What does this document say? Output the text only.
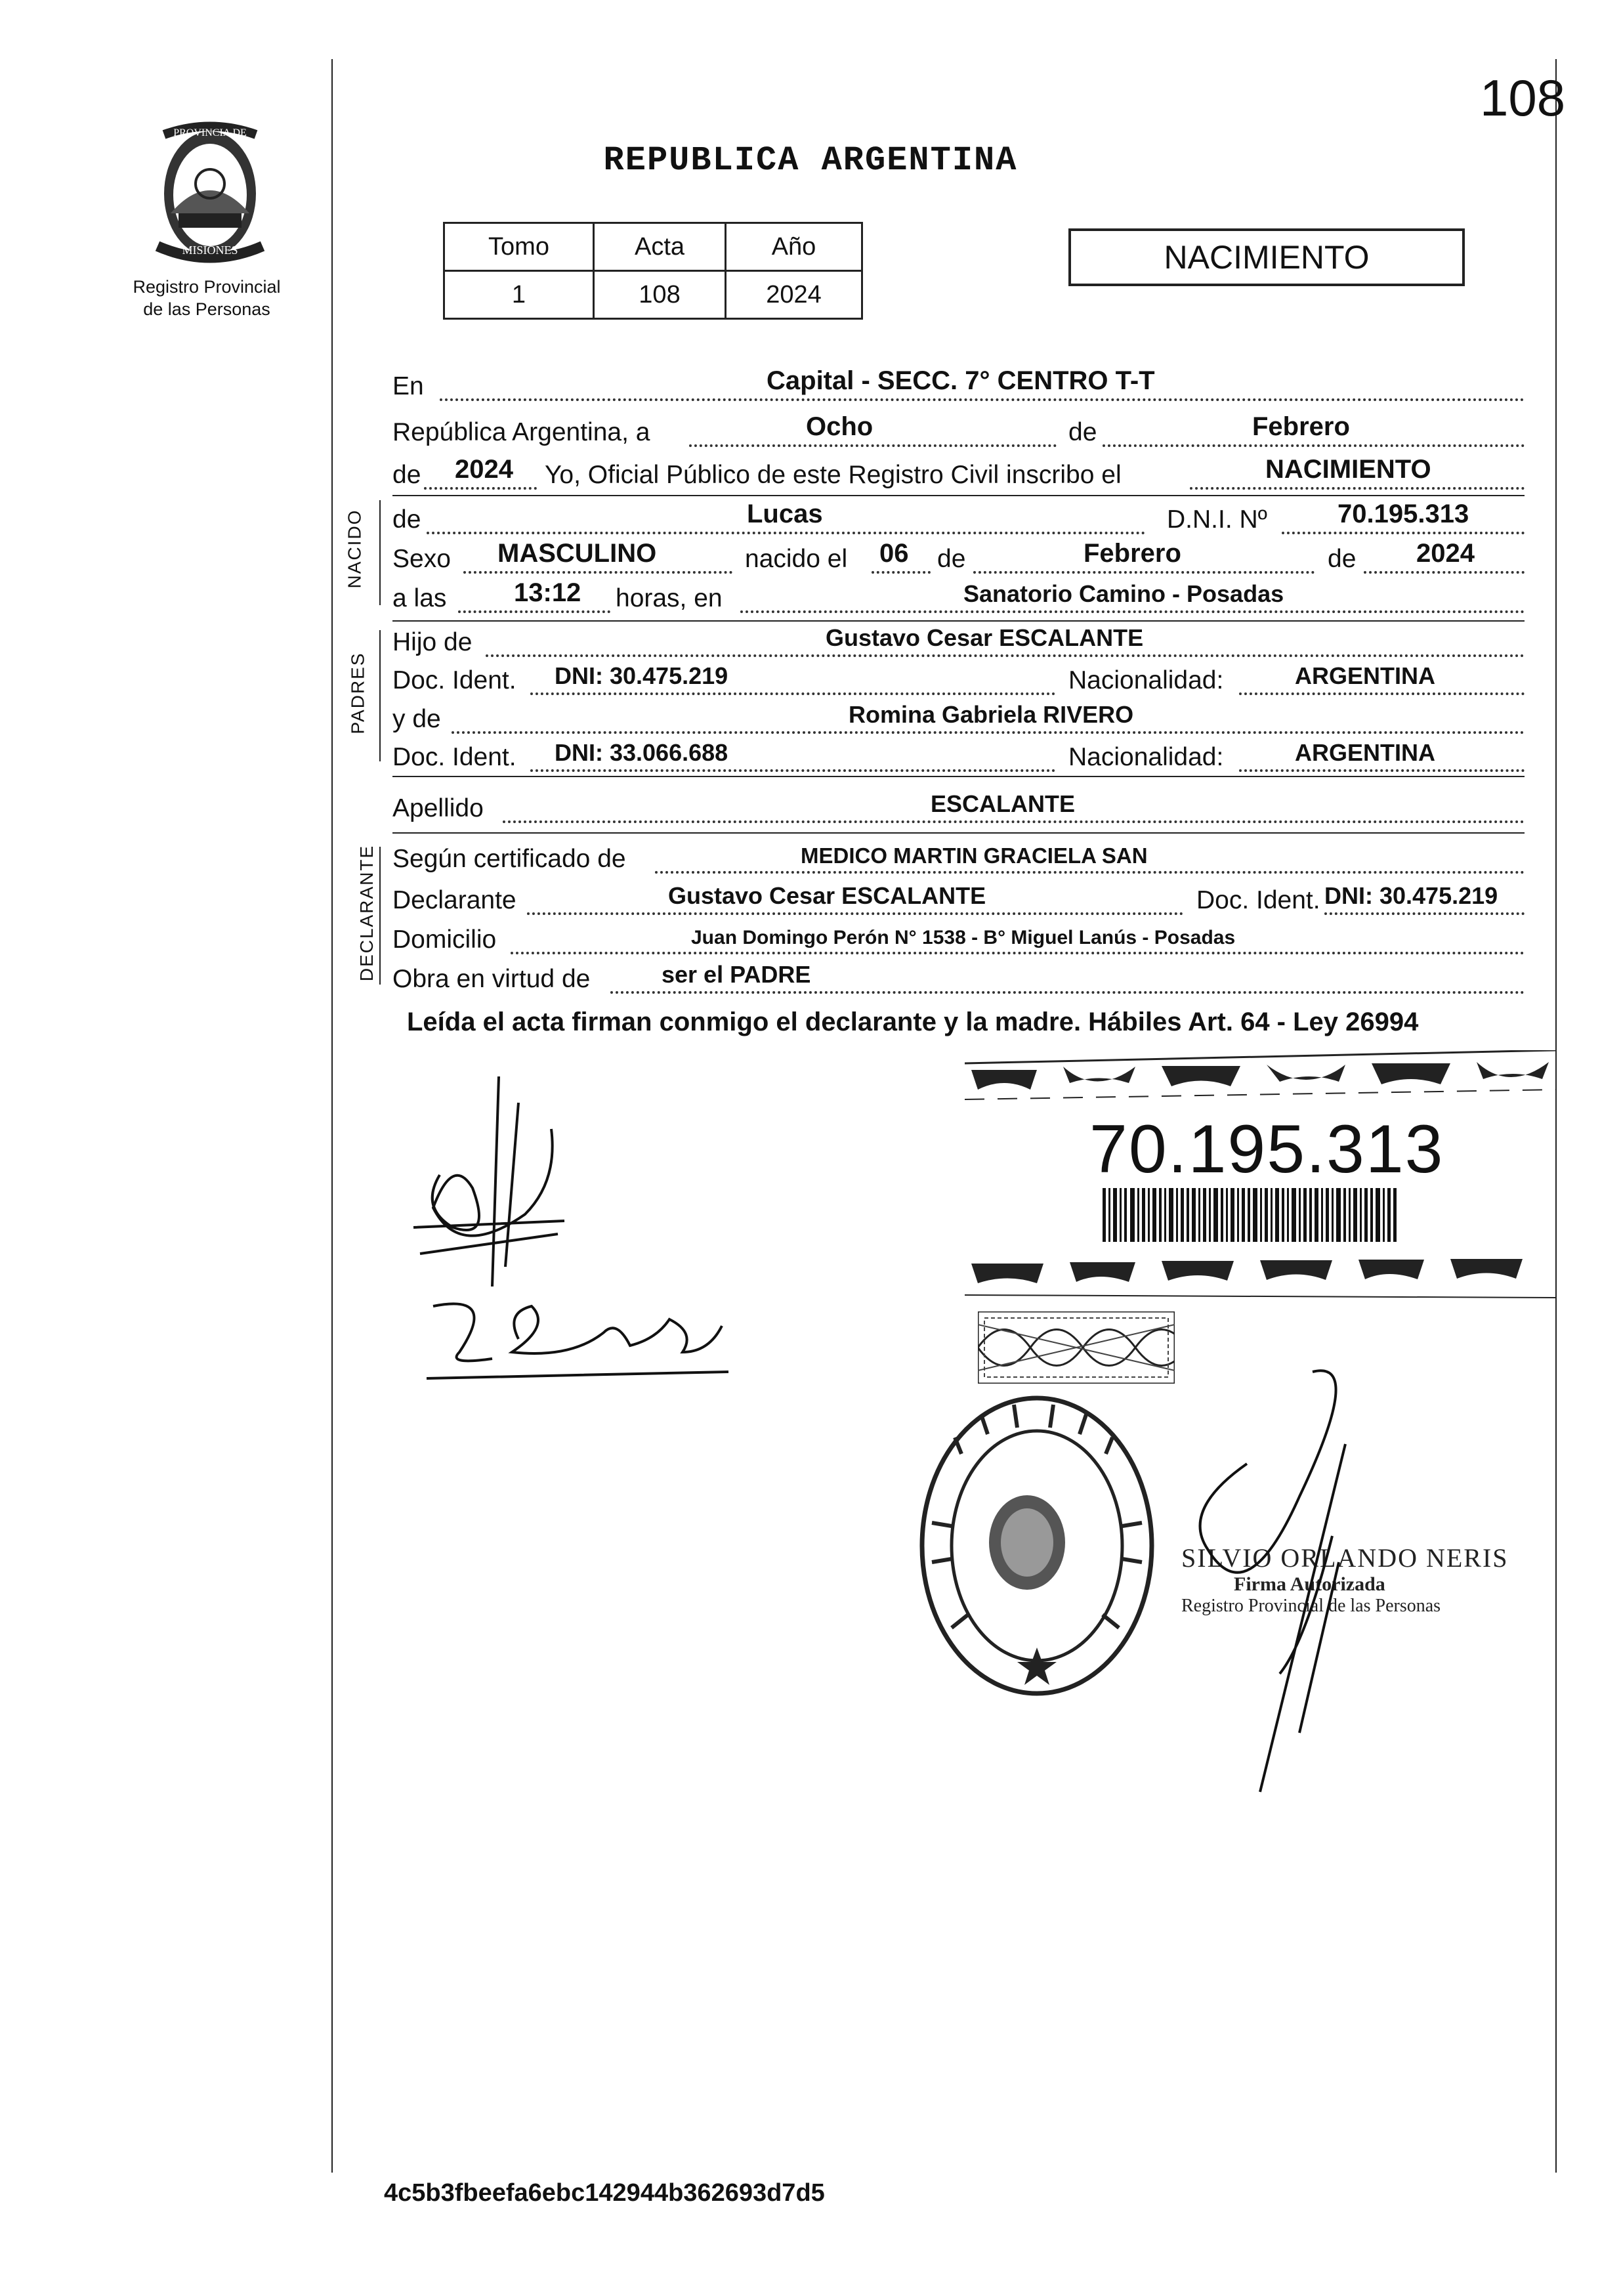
108
PROVINCIA DE
MISIONES
Registro Provincial
de las Personas
REPUBLICA ARGENTINA
Tomo	Acta	Año
1	108	2024
NACIMIENTO
En	Capital - SECC. 7° CENTRO T-T
República Argentina, a	Ocho	de	Febrero
de 2024 Yo, Oficial Público de este Registro Civil inscribo el	NACIMIENTO
NACIDO de	Lucas	D.N.I. Nº	70.195.313
Sexo MASCULINO	nacido el 06 de	Febrero	de 2024
a las	13:12 horas, en	Sanatorio Camino - Posadas
PADRES
Hijo de	Gustavo Cesar ESCALANTE
Doc. Ident. DNI: 30.475.219	Nacionalidad:	ARGENTINA
y de	Romina Gabriela RIVERO
Doc. Ident. DNI: 33.066.688	Nacionalidad:	ARGENTINA
Apellido	ESCALANTE
DECLARANTE Según certificado de	MEDICO MARTIN GRACIELA SAN
Declarante	Gustavo Cesar ESCALANTE	Doc. Ident. DNI: 30.475.219
Domicilio	Juan Domingo Perón N° 1538 - B° Miguel Lanús - Posadas
Obra en virtud de	ser el PADRE
Leída el acta firman conmigo el declarante y la madre. Hábiles Art. 64 - Ley 26994
70.195.313
SILVIO ORLANDO NERIS
Firma Autorizada
Registro Provincial de las Personas
4c5b3fbeefa6ebc142944b362693d7d5
